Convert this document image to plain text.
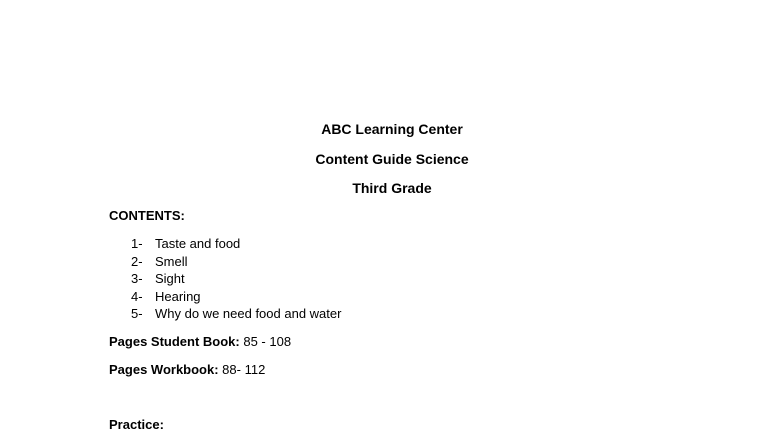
ABC Learning Center
Content Guide Science
Third Grade
CONTENTS:
1- Taste and food
2- Smell
3- Sight
4- Hearing
5- Why do we need food and water
Pages Student Book: 85 - 108
Pages Workbook: 88- 112
Practice:
